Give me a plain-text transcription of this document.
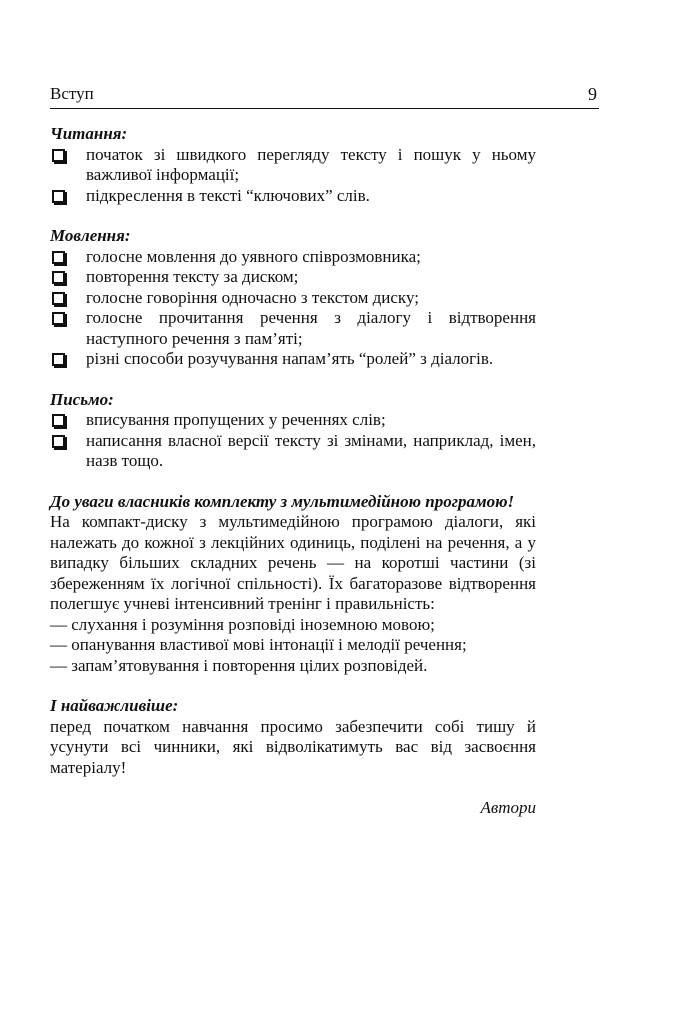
Вступ	9

Читання:

початок зі швидкого перегляду тексту і пошук у ньому важливої інформації;
підкреслення в тексті “ключових” слів.

Мовлення:

голосне мовлення до уявного співрозмовника;
повторення тексту за диском;
голосне говоріння одночасно з текстом диску;
голосне прочитання речення з діалогу і відтворення наступного речення з пам’яті;
різні способи розучування напам’ять “ролей” з діалогів.

Письмо:

вписування пропущених у реченнях слів;
написання власної версії тексту зі змінами, наприклад, імен, назв тощо.

До уваги власників комплекту з мультимедійною програмою!

На компакт-диску з мультимедійною програмою діалоги, які належать до кожної з лекційних одиниць, поділені на речення, а у випадку більших складних речень — на коротші частини (зі збереженням їх логічної спільності). Їх багаторазове відтворення полегшує учневі інтенсивний тренінг і правильність:

— слухання і розуміння розповіді іноземною мовою;
— опанування властивої мові інтонації і мелодії речення;
— запам’ятовування і повторення цілих розповідей.

І найважливіше:

перед початком навчання просимо забезпечити собі тишу й усунути всі чинники, які відволікатимуть вас від засвоєння матеріалу!

Автори
